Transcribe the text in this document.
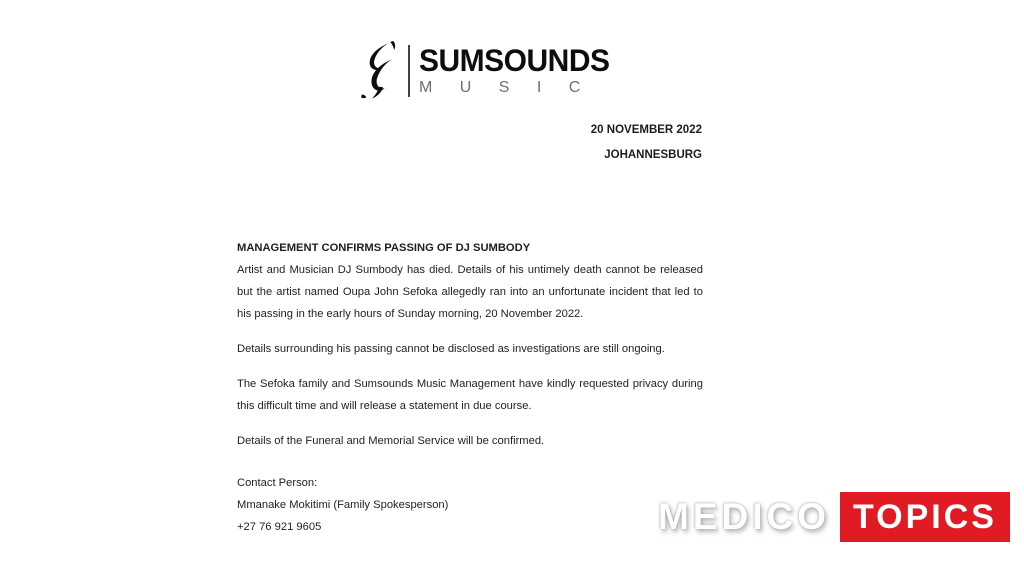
SUMSOUNDS
M U S I C
20 NOVEMBER 2022
JOHANNESBURG
MANAGEMENT CONFIRMS PASSING OF DJ SUMBODY

Artist and Musician DJ Sumbody has died. Details of his untimely death cannot be released but the artist named Oupa John Sefoka allegedly ran into an unfortunate incident that led to his passing in the early hours of Sunday morning, 20 November 2022.

Details surrounding his passing cannot be disclosed as investigations are still ongoing.

The Sefoka family and Sumsounds Music Management have kindly requested privacy during this difficult time and will release a statement in due course.

Details of the Funeral and Memorial Service will be confirmed.

Contact Person:
Mmanake Mokitimi (Family Spokesperson)
+27 76 921 9605	MEDICO TOPICS
